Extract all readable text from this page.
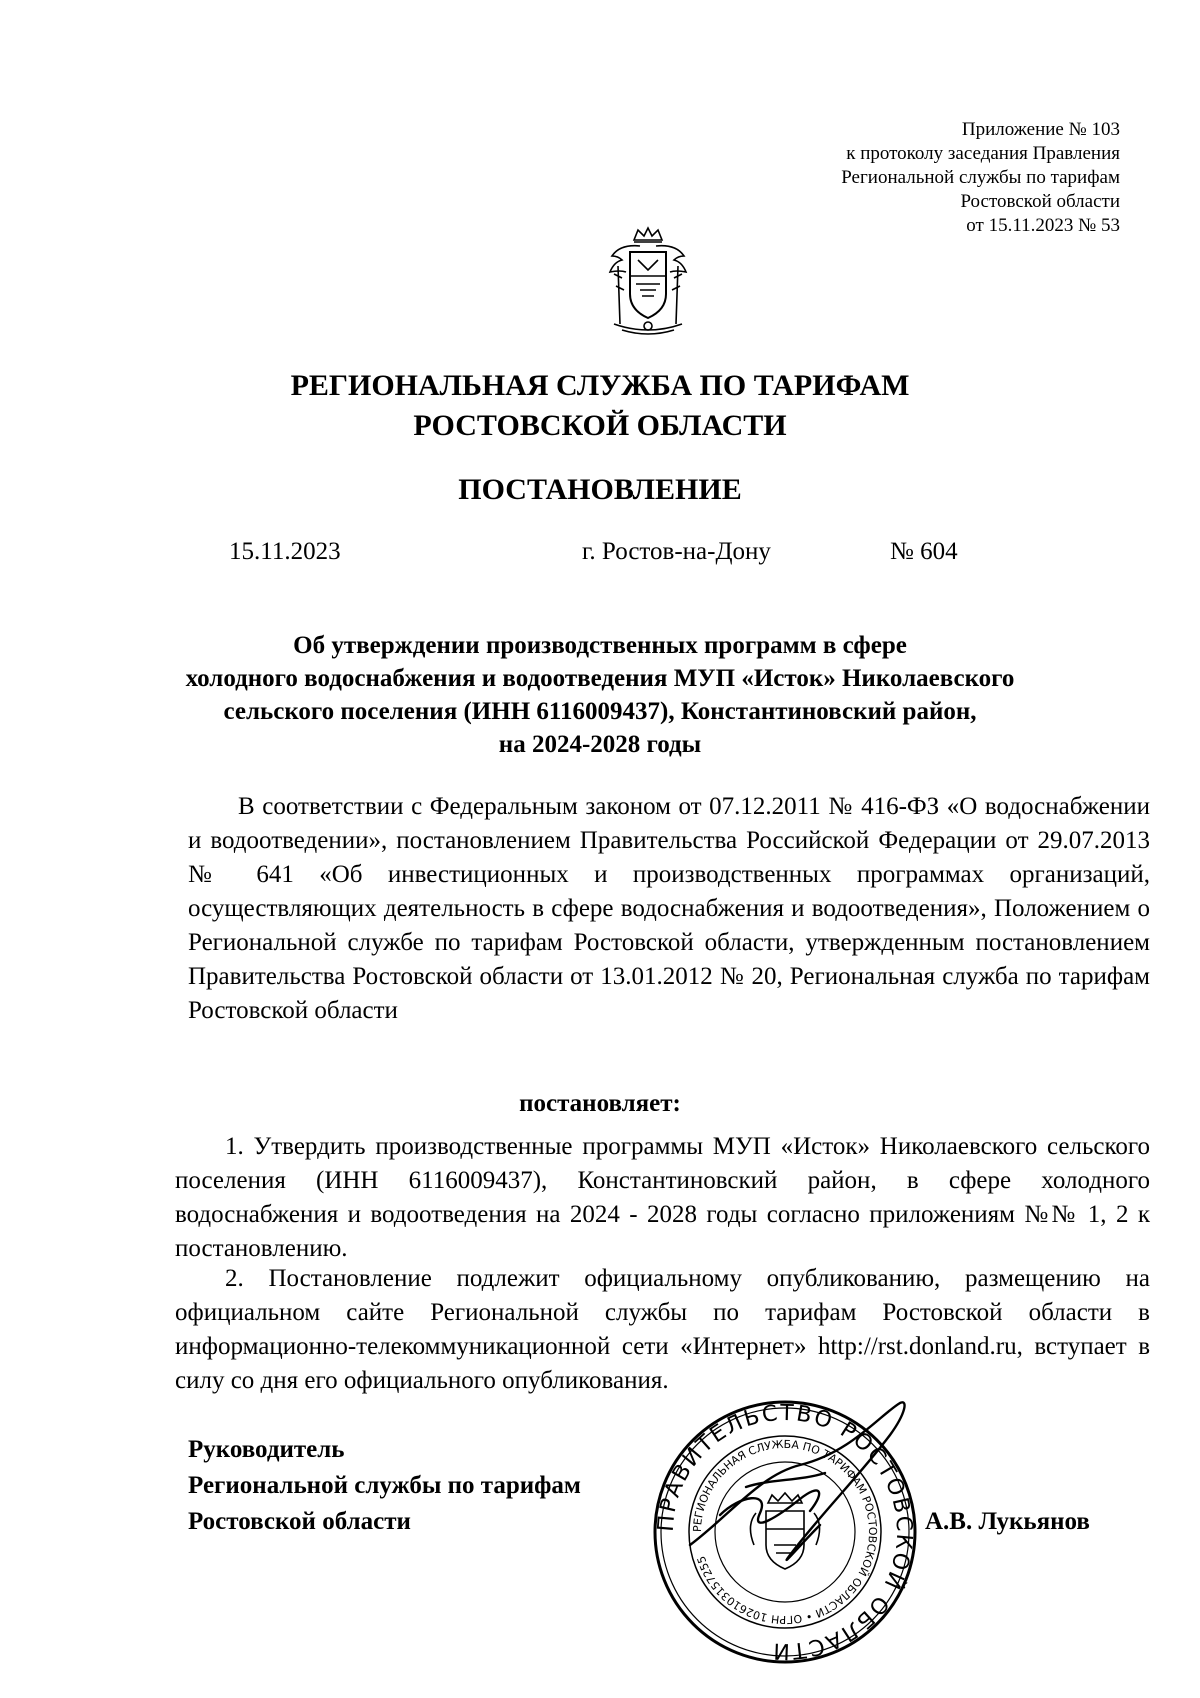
Приложение № 103
к протоколу заседания Правления
Региональной службы по тарифам
Ростовской области
от 15.11.2023 № 53
РЕГИОНАЛЬНАЯ СЛУЖБА ПО ТАРИФАМ
РОСТОВСКОЙ ОБЛАСТИ
ПОСТАНОВЛЕНИЕ
15.11.2023	г. Ростов-на-Дону	№ 604
Об утверждении производственных программ в сфере
холодного водоснабжения и водоотведения МУП «Исток» Николаевского
сельского поселения (ИНН 6116009437), Константиновский район,
на 2024-2028 годы
В соответствии с Федеральным законом от 07.12.2011 № 416-ФЗ «О водоснабжении и водоотведении», постановлением Правительства Российской Федерации от 29.07.2013 № 641 «Об инвестиционных и производственных программах организаций, осуществляющих деятельность в сфере водоснабжения и водоотведения», Положением о Региональной службе по тарифам Ростовской области, утвержденным постановлением Правительства Ростовской области от 13.01.2012 № 20, Региональная служба по тарифам Ростовской области
постановляет:
1. Утвердить производственные программы МУП «Исток» Николаевского сельского поселения (ИНН 6116009437), Константиновский район, в сфере холодного водоснабжения и водоотведения на 2024 - 2028 годы согласно приложениям №№ 1, 2 к постановлению.
2. Постановление подлежит официальному опубликованию, размещению на официальном сайте Региональной службы по тарифам Ростовской области в информационно-телекоммуникационной сети «Интернет» http://rst.donland.ru, вступает в силу со дня его официального опубликования.
Руководитель
Региональной службы по тарифам
Ростовской области	ПРАВИТЕЛЬСТВО РОСТОВСКОЙ ОБЛАСТИ
РЕГИОНАЛЬНАЯ СЛУЖБА ПО ТАРИФАМ РОСТОВСКОЙ ОБЛАСТИ • ОГРН 1026103157255
А.В. Лукьянов
